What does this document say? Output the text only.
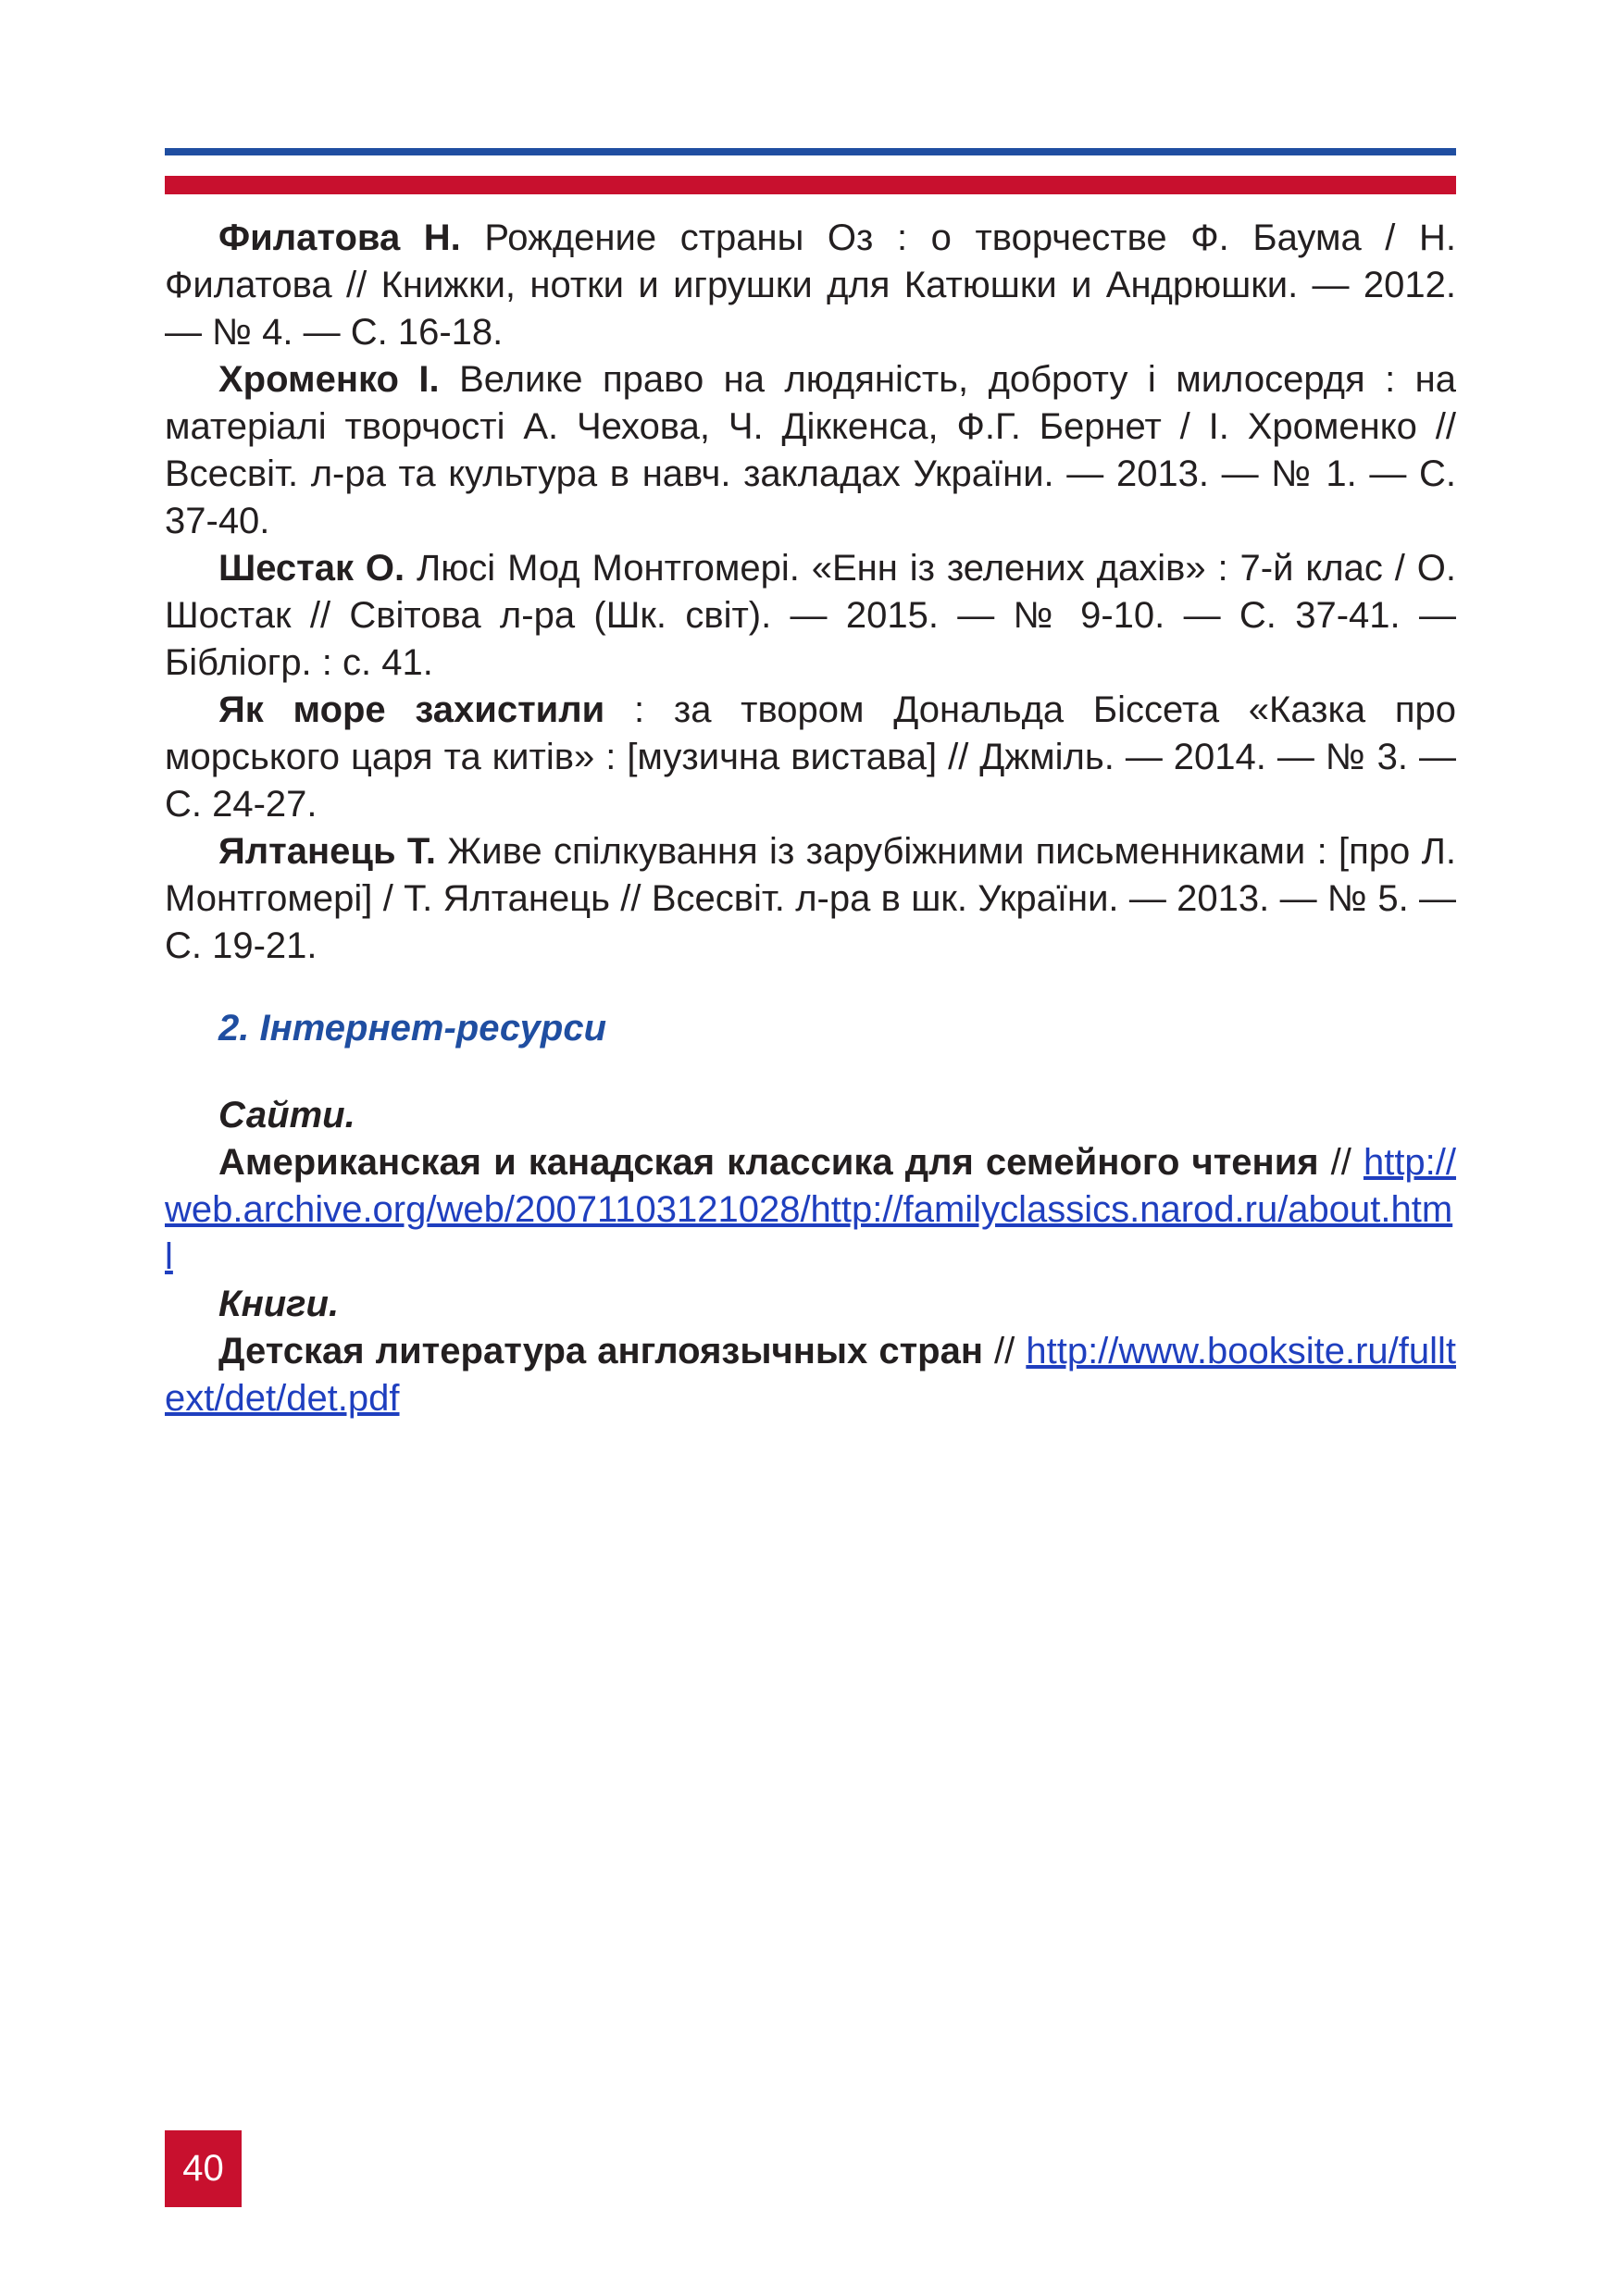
Филатова Н. Рождение страны Оз : о творчестве Ф. Баума / Н. Филатова // Книжки, нотки и игрушки для Катюшки и Андрюшки. — 2012. — № 4. — С. 16-18.

Хроменко І. Велике право на людяність, доброту і милосердя : на матеріалі творчості А. Чехова, Ч. Діккенса, Ф.Г. Бернет / І. Хроменко // Всесвіт. л-ра та культура в навч. закладах України. — 2013. — № 1. — С. 37-40.

Шестак О. Люсі Мод Монтгомері. «Енн із зелених дахів» : 7-й клас / О. Шостак // Світова л-ра (Шк. світ). — 2015. — № 9-10. — С. 37-41. — Бібліогр. : с. 41.

Як море захистили : за твором Дональда Біссета «Казка про морського царя та китів» : [музична вистава] // Джміль. — 2014. — № 3. — С. 24-27.

Ялтанець Т. Живе спілкування із зарубіжними письменниками : [про Л. Монтгомері] / Т. Ялтанець // Всесвіт. л-ра в шк. України. — 2013. — № 5. — С. 19-21.

2. Інтернет-ресурси

Сайти.

Американская и канадская классика для семейного чтения // http://web.archive.org/web/20071103121028/http://familyclassics.narod.ru/about.html

Книги.

Детская литература англоязычных стран // http://www.booksite.ru/fulltext/det/det.pdf

40
